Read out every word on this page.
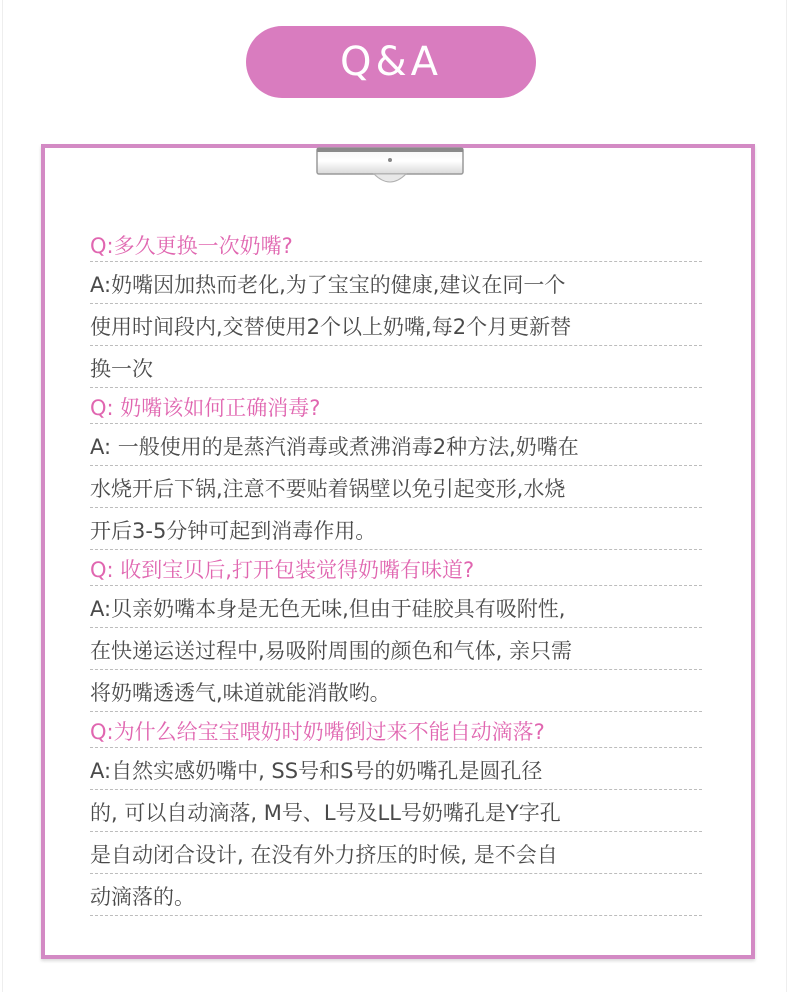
Q&A
Q:多久更换一次奶嘴?
A:奶嘴因加热而老化,为了宝宝的健康,建议在同一个
使用时间段内,交替使用2个以上奶嘴,每2个月更新替
换一次
Q: 奶嘴该如何正确消毒?
A: 一般使用的是蒸汽消毒或煮沸消毒2种方法,奶嘴在
水烧开后下锅,注意不要贴着锅壁以免引起变形,水烧
开后3-5分钟可起到消毒作用。
Q: 收到宝贝后,打开包装觉得奶嘴有味道?
A:贝亲奶嘴本身是无色无味,但由于硅胶具有吸附性,
在快递运送过程中,易吸附周围的颜色和气体, 亲只需
将奶嘴透透气,味道就能消散哟。
Q:为什么给宝宝喂奶时奶嘴倒过来不能自动滴落?
A:自然实感奶嘴中, SS号和S号的奶嘴孔是圆孔径
的, 可以自动滴落, M号、L号及LL号奶嘴孔是Y字孔
是自动闭合设计, 在没有外力挤压的时候, 是不会自
动滴落的。
